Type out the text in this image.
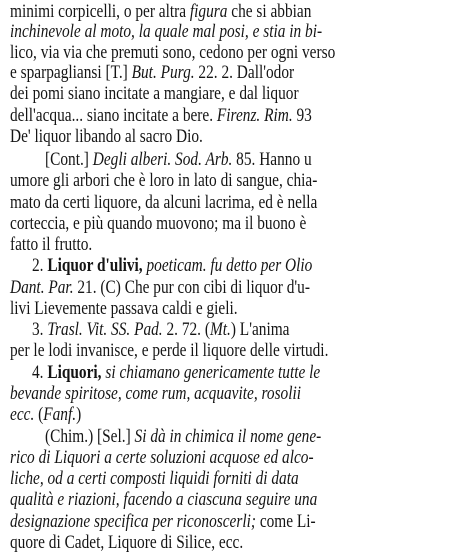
minimi corpicelli, o per altra figura che si abbian
inchinevole al moto, la quale mal posi, e stia in bi-
lico, via via che premuti sono, cedono per ogni verso
e sparpagliansi [T.] But. Purg. 22. 2. Dall'odor
dei pomi siano incitate a mangiare, e dal liquor
dell'acqua... siano incitate a bere. Firenz. Rim. 93
De' liquor libando al sacro Dio.
[Cont.] Degli alberi. Sod. Arb. 85. Hanno u
umore gli arbori che è loro in lato di sangue, chia-
mato da certi liquore, da alcuni lacrima, ed è nella
corteccia, e più quando muovono; ma il buono è
fatto il frutto.
2. Liquor d'ulivi, poeticam. fu detto per Olio
Dant. Par. 21. (C) Che pur con cibi di liquor d'u-
livi Lievemente passava caldi e gieli.
3. Trasl. Vit. SS. Pad. 2. 72. (Mt.) L'anima
per le lodi invanisce, e perde il liquore delle virtudi.
4. Liquori, si chiamano genericamente tutte le
bevande spiritose, come rum, acquavite, rosolii
ecc. (Fanf.)
(Chim.) [Sel.] Si dà in chimica il nome gene-
rico di Liquori a certe soluzioni acquose ed alco-
liche, od a certi composti liquidi forniti di data
qualità e riazioni, facendo a ciascuna seguire una
designazione specifica per riconoscerli; come Li-
quore di Cadet, Liquore di Silice, ecc.
